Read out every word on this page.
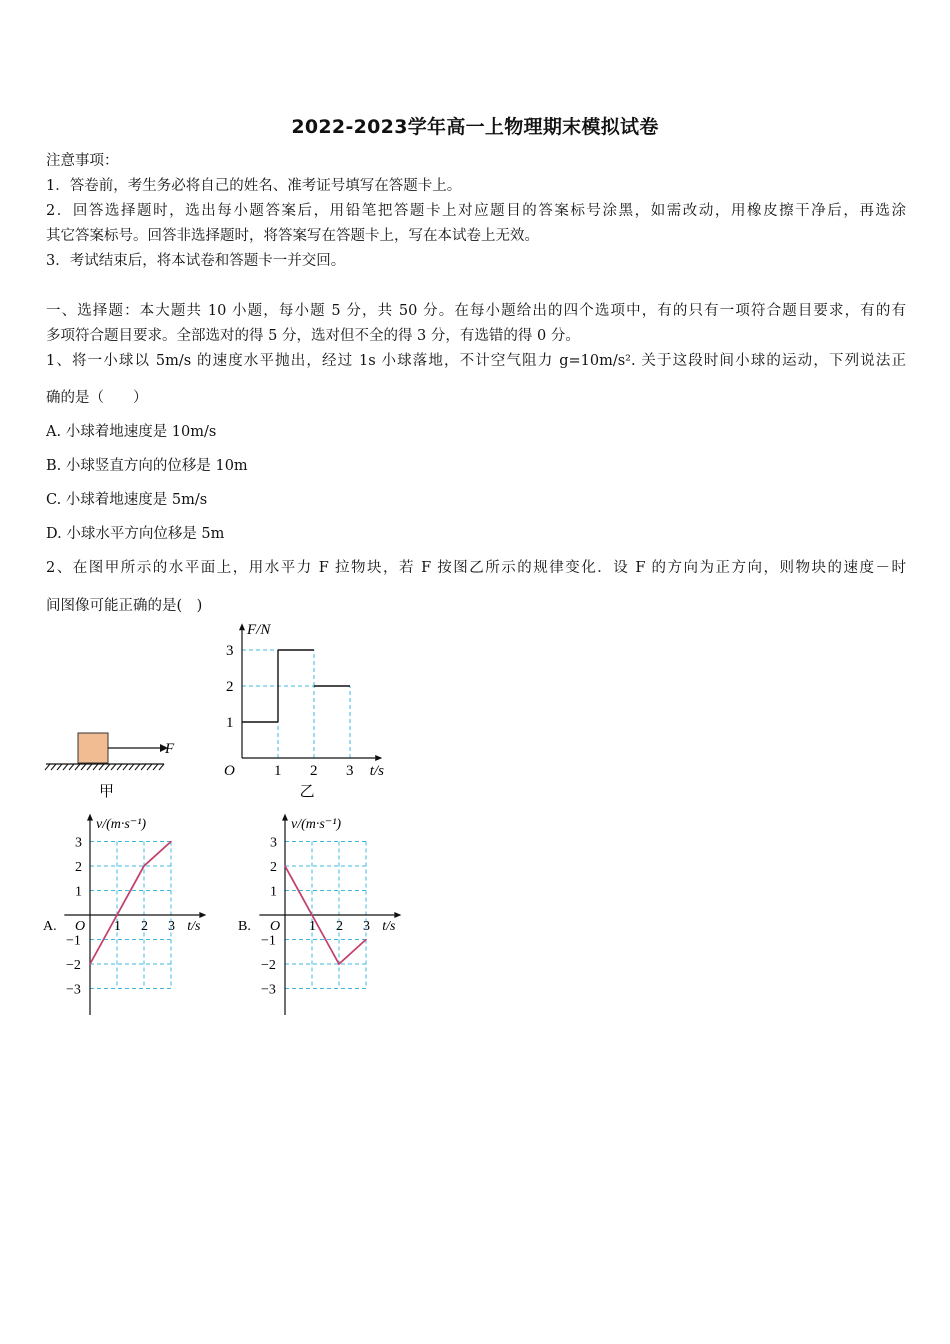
2022-2023学年高一上物理期末模拟试卷
注意事项：
1．答卷前，考生务必将自己的姓名、准考证号填写在答题卡上。
2．回答选择题时，选出每小题答案后，用铅笔把答题卡上对应题目的答案标号涂黑，如需改动，用橡皮擦干净后，再选涂
其它答案标号。回答非选择题时，将答案写在答题卡上，写在本试卷上无效。
3．考试结束后，将本试卷和答题卡一并交回。
一、选择题：本大题共 10 小题，每小题 5 分，共 50 分。在每小题给出的四个选项中，有的只有一项符合题目要求，有的有
多项符合题目要求。全部选对的得 5 分，选对但不全的得 3 分，有选错的得 0 分。
1、将一小球以 5m/s 的速度水平抛出，经过 1s 小球落地，不计空气阻力 g=10m/s². 关于这段时间小球的运动，下列说法正
确的是（　　）
A. 小球着地速度是 10m/s
B. 小球竖直方向的位移是 10m
C. 小球着地速度是 5m/s
D. 小球水平方向位移是 5m
2、在图甲所示的水平面上，用水平力 F 拉物块，若 F 按图乙所示的规律变化．设 F 的方向为正方向，则物块的速度－时
间图像可能正确的是(　)
F
甲
1 2 3
1
2
3
O	t/s
F/N
乙
1 2 3
3
2
1
−1
−2
−3
O	t/s
v/(m·s⁻¹)
A.	1 2 3
3
2
1
−1
−2
−3
O	t/s
v/(m·s⁻¹)
B.
